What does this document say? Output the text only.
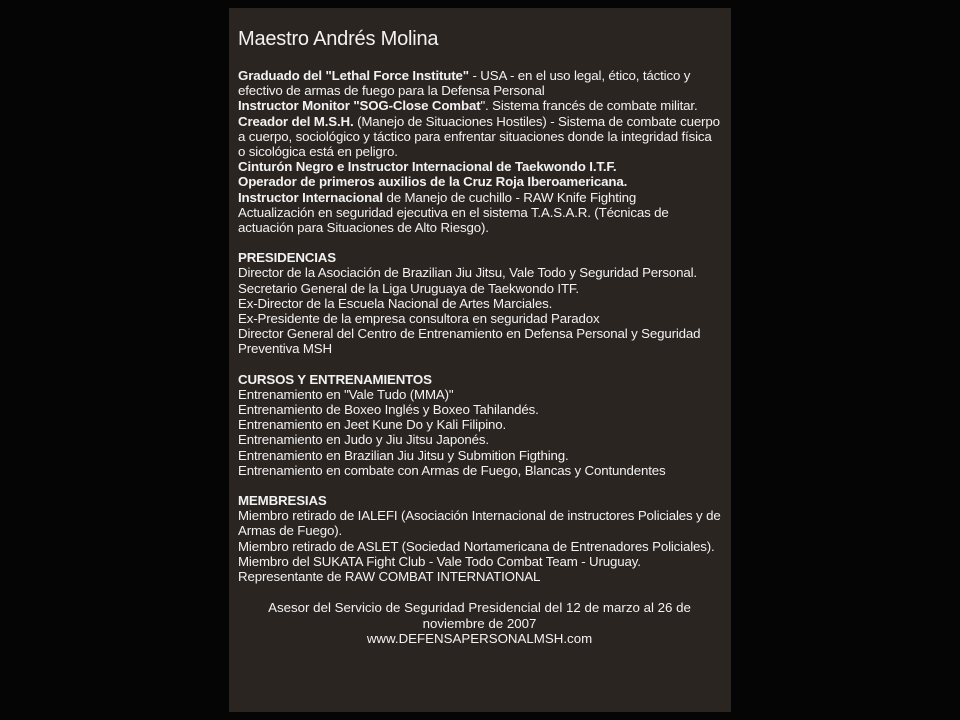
Maestro Andrés Molina
Graduado del "Lethal Force Institute" - USA - en el uso legal, ético, táctico y efectivo de armas de fuego para la Defensa Personal
Instructor Monitor "SOG-Close Combat". Sistema francés de combate militar.
Creador del M.S.H. (Manejo de Situaciones Hostiles) - Sistema de combate cuerpo a cuerpo, sociológico y táctico para enfrentar situaciones donde la integridad física o sicológica está en peligro.
Cinturón Negro e Instructor Internacional de Taekwondo I.T.F.
Operador de primeros auxilios de la Cruz Roja Iberoamericana.
Instructor Internacional de Manejo de cuchillo - RAW Knife Fighting
Actualización en seguridad ejecutiva en el sistema T.A.S.A.R. (Técnicas de actuación para Situaciones de Alto Riesgo).
PRESIDENCIAS
Director de la Asociación de Brazilian Jiu Jitsu, Vale Todo y Seguridad Personal.
Secretario General de la Liga Uruguaya de Taekwondo ITF.
Ex-Director de la Escuela Nacional de Artes Marciales.
Ex-Presidente de la empresa consultora en seguridad Paradox
Director General del Centro de Entrenamiento en Defensa Personal y Seguridad Preventiva MSH
CURSOS Y ENTRENAMIENTOS
Entrenamiento en "Vale Tudo (MMA)"
Entrenamiento de Boxeo Inglés y Boxeo Tahilandés.
Entrenamiento en Jeet Kune Do y Kali Filipino.
Entrenamiento en Judo y Jiu Jitsu Japonés.
Entrenamiento en Brazilian Jiu Jitsu y Submition Figthing.
Entrenamiento en combate con Armas de Fuego, Blancas y Contundentes
MEMBRESIAS
Miembro retirado de IALEFI (Asociación Internacional de instructores Policiales y de Armas de Fuego).
Miembro retirado de ASLET (Sociedad Nortamericana de Entrenadores Policiales).
Miembro del SUKATA Fight Club - Vale Todo Combat Team - Uruguay.
Representante de RAW COMBAT INTERNATIONAL
Asesor del Servicio de Seguridad Presidencial del 12 de marzo al 26 de noviembre de 2007
www.DEFENSAPERSONALMSH.com
